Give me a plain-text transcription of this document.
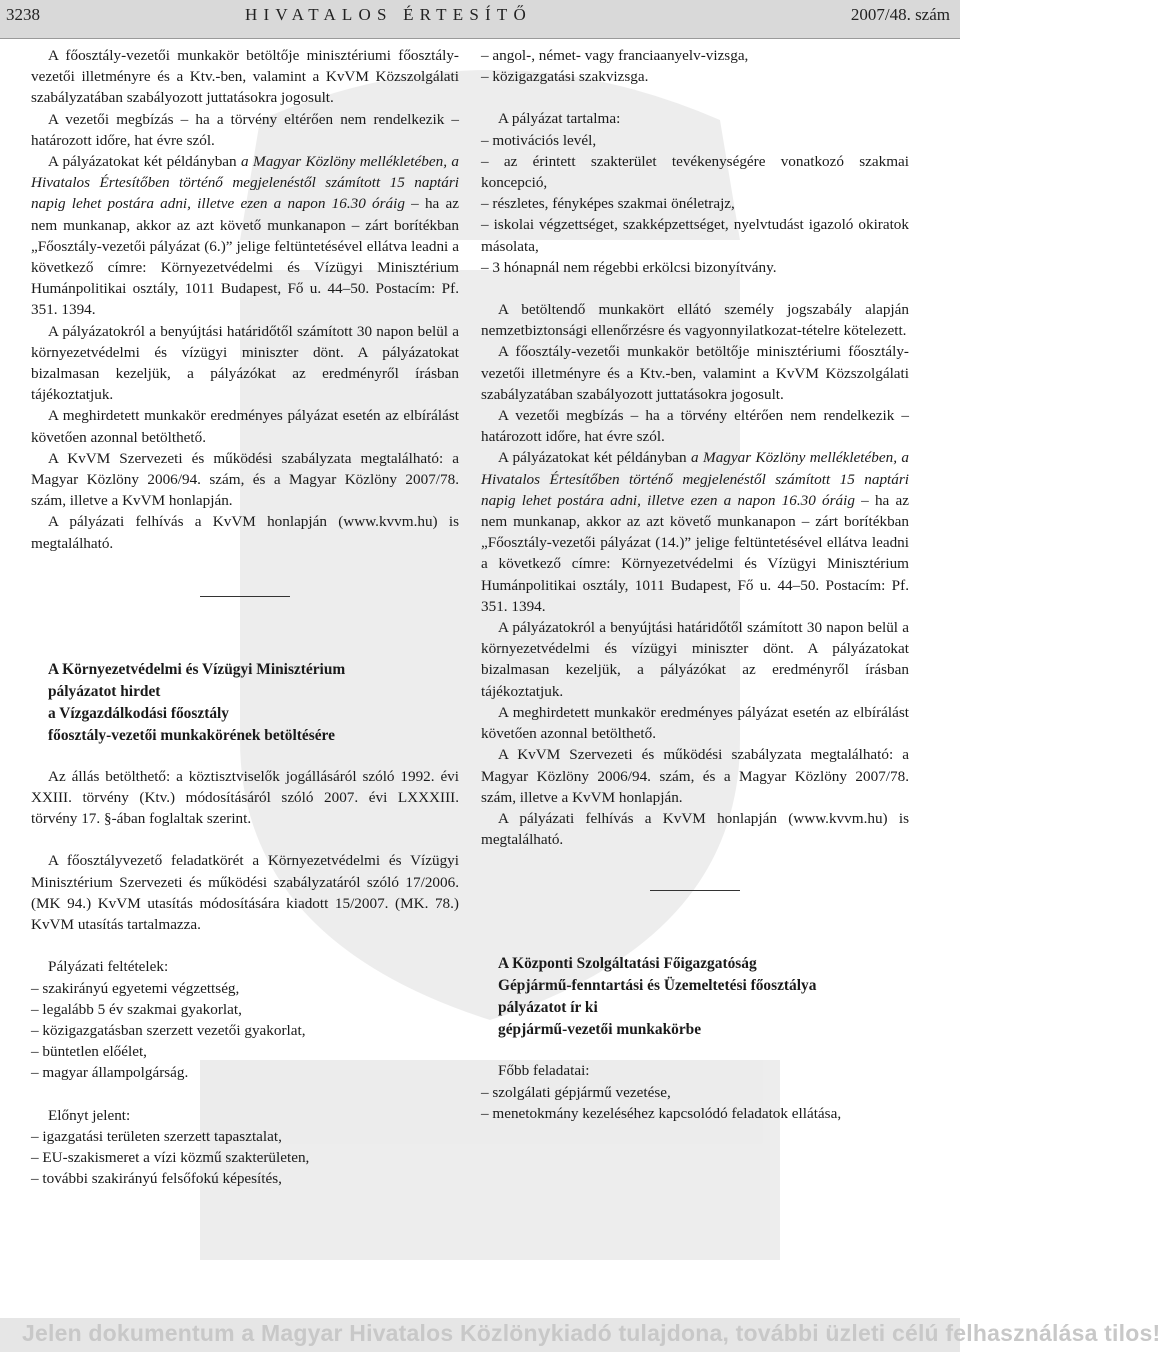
3238	HIVATALOS ÉRTESÍTŐ	2007/48. szám

A főosztály-vezetői munkakör betöltője minisztériumi főosztály-vezetői illetményre és a Ktv.-ben, valamint a KvVM Közszolgálati szabályzatában szabályozott juttatásokra jogosult.

A vezetői megbízás – ha a törvény eltérően nem rendelkezik – határozott időre, hat évre szól.

A pályázatokat két példányban a Magyar Közlöny mellékletében, a Hivatalos Értesítőben történő megjelenéstől számított 15 naptári napig lehet postára adni, illetve ezen a napon 16.30 óráig – ha az nem munkanap, akkor az azt követő munkanapon – zárt borítékban „Főosztály-vezetői pályázat (6.)” jelige feltüntetésével ellátva leadni a következő címre: Környezetvédelmi és Vízügyi Minisztérium Humánpolitikai osztály, 1011 Budapest, Fő u. 44–50. Postacím: Pf. 351. 1394.

A pályázatokról a benyújtási határidőtől számított 30 napon belül a környezetvédelmi és vízügyi miniszter dönt. A pályázatokat bizalmasan kezeljük, a pályázókat az eredményről írásban tájékoztatjuk.

A meghirdetett munkakör eredményes pályázat esetén az elbírálást követően azonnal betölthető.

A KvVM Szervezeti és működési szabályzata megtalálható: a Magyar Közlöny 2006/94. szám, és a Magyar Közlöny 2007/78. szám, illetve a KvVM honlapján.

A pályázati felhívás a KvVM honlapján (www.kvvm.hu) is megtalálható.

A Környezetvédelmi és Vízügyi Minisztérium

pályázatot hirdet

a Vízgazdálkodási főosztály

főosztály-vezetői munkakörének betöltésére

Az állás betölthető: a köztisztviselők jogállásáról szóló 1992. évi XXIII. törvény (Ktv.) módosításáról szóló 2007. évi LXXXIII. törvény 17. §-ában foglaltak szerint.

A főosztályvezető feladatkörét a Környezetvédelmi és Vízügyi Minisztérium Szervezeti és működési szabályzatáról szóló 17/2006. (MK 94.) KvVM utasítás módosítására kiadott 15/2007. (MK. 78.) KvVM utasítás tartalmazza.

Pályázati feltételek:

– szakirányú egyetemi végzettség,

– legalább 5 év szakmai gyakorlat,

– közigazgatásban szerzett vezetői gyakorlat,

– büntetlen előélet,

– magyar állampolgárság.

Előnyt jelent:

– igazgatási területen szerzett tapasztalat,

– EU-szakismeret a vízi közmű szakterületen,

– további szakirányú felsőfokú képesítés,

– angol-, német- vagy franciaanyelv-vizsga,

– közigazgatási szakvizsga.

A pályázat tartalma:

– motivációs levél,

– az érintett szakterület tevékenységére vonatkozó szakmai koncepció,

– részletes, fényképes szakmai önéletrajz,

– iskolai végzettséget, szakképzettséget, nyelvtudást igazoló okiratok másolata,

– 3 hónapnál nem régebbi erkölcsi bizonyítvány.

A betöltendő munkakört ellátó személy jogszabály alapján nemzetbiztonsági ellenőrzésre és vagyonnyilatkozat-tételre kötelezett.

A főosztály-vezetői munkakör betöltője minisztériumi főosztály-vezetői illetményre és a Ktv.-ben, valamint a KvVM Közszolgálati szabályzatában szabályozott juttatásokra jogosult.

A vezetői megbízás – ha a törvény eltérően nem rendelkezik – határozott időre, hat évre szól.

A pályázatokat két példányban a Magyar Közlöny mellékletében, a Hivatalos Értesítőben történő megjelenéstől számított 15 naptári napig lehet postára adni, illetve ezen a napon 16.30 óráig – ha az nem munkanap, akkor az azt követő munkanapon – zárt borítékban „Főosztály-vezetői pályázat (14.)” jelige feltüntetésével ellátva leadni a következő címre: Környezetvédelmi és Vízügyi Minisztérium Humánpolitikai osztály, 1011 Budapest, Fő u. 44–50. Postacím: Pf. 351. 1394.

A pályázatokról a benyújtási határidőtől számított 30 napon belül a környezetvédelmi és vízügyi miniszter dönt. A pályázatokat bizalmasan kezeljük, a pályázókat az eredményről írásban tájékoztatjuk.

A meghirdetett munkakör eredményes pályázat esetén az elbírálást követően azonnal betölthető.

A KvVM Szervezeti és működési szabályzata megtalálható: a Magyar Közlöny 2006/94. szám, és a Magyar Közlöny 2007/78. szám, illetve a KvVM honlapján.

A pályázati felhívás a KvVM honlapján (www.kvvm.hu) is megtalálható.

A Központi Szolgáltatási Főigazgatóság

Gépjármű-fenntartási és Üzemeltetési főosztálya

pályázatot ír ki

gépjármű-vezetői munkakörbe

Főbb feladatai:

– szolgálati gépjármű vezetése,

– menetokmány kezeléséhez kapcsolódó feladatok ellátása,

Jelen dokumentum a Magyar Hivatalos Közlönykiadó tulajdona, további üzleti célú felhasználása tilos!
